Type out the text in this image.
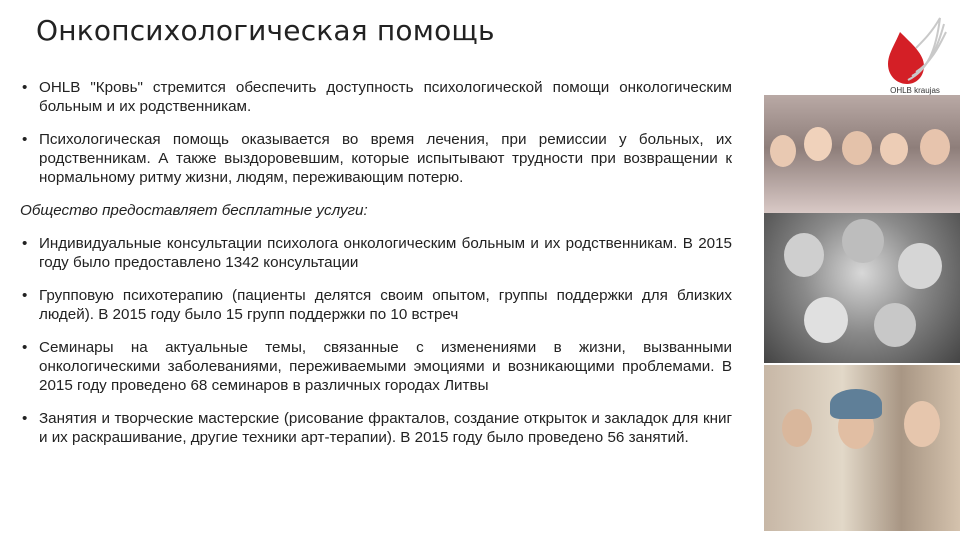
Онкопсихологическая помощь
OHLB kraujas
• OHLB "Кровь" стремится обеспечить доступность психологической помощи онкологическим больным и их родственникам.
• Психологическая помощь оказывается во время лечения, при ремиссии у больных, их родственникам. А также выздоровевшим, которые испытывают трудности при возвращении к нормальному ритму жизни, людям, переживающим потерю.
Общество предоставляет бесплатные услуги:
• Индивидуальные консультации психолога онкологическим больным и их родственникам. В 2015 году было предоставлено 1342 консультации
• Групповую психотерапию (пациенты делятся своим опытом, группы поддержки для близких людей). В 2015 году было 15 групп поддержки по 10 встреч
• Семинары на актуальные темы, связанные с изменениями в жизни, вызванными онкологическими заболеваниями, переживаемыми эмоциями и возникающими проблемами. В 2015 году проведено 68 семинаров в различных городах Литвы
• Занятия и творческие мастерские (рисование фракталов, создание открыток и закладок для книг и их раскрашивание, другие техники арт-терапии). В 2015 году было проведено 56 занятий.
